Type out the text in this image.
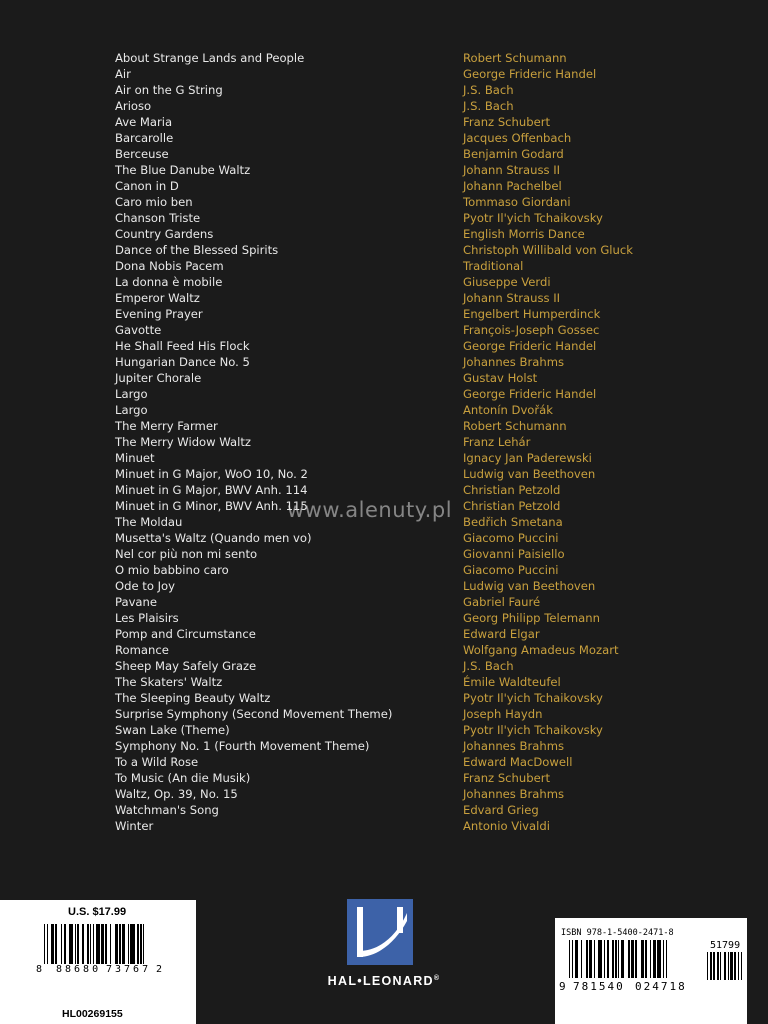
About Strange Lands and People	Robert Schumann
Air	George Frideric Handel
Air on the G String	J.S. Bach
Arioso	J.S. Bach
Ave Maria	Franz Schubert
Barcarolle	Jacques Offenbach
Berceuse	Benjamin Godard
The Blue Danube Waltz	Johann Strauss II
Canon in D	Johann Pachelbel
Caro mio ben	Tommaso Giordani
Chanson Triste	Pyotr Il'yich Tchaikovsky
Country Gardens	English Morris Dance
Dance of the Blessed Spirits	Christoph Willibald von Gluck
Dona Nobis Pacem	Traditional
La donna è mobile	Giuseppe Verdi
Emperor Waltz	Johann Strauss II
Evening Prayer	Engelbert Humperdinck
Gavotte	François-Joseph Gossec
He Shall Feed His Flock	George Frideric Handel
Hungarian Dance No. 5	Johannes Brahms
Jupiter Chorale	Gustav Holst
Largo	George Frideric Handel
Largo	Antonín Dvořák
The Merry Farmer	Robert Schumann
The Merry Widow Waltz	Franz Lehár
Minuet	Ignacy Jan Paderewski
Minuet in G Major, WoO 10, No. 2	Ludwig van Beethoven
Minuet in G Major, BWV Anh. 114	Christian Petzold
Minuet in G Minor, BWV Anh. 115	Christian Petzold
The Moldau	Bedřich Smetana
Musetta's Waltz (Quando men vo)	Giacomo Puccini
Nel cor più non mi sento	Giovanni Paisiello
O mio babbino caro	Giacomo Puccini
Ode to Joy	Ludwig van Beethoven
Pavane	Gabriel Fauré
Les Plaisirs	Georg Philipp Telemann
Pomp and Circumstance	Edward Elgar
Romance	Wolfgang Amadeus Mozart
Sheep May Safely Graze	J.S. Bach
The Skaters' Waltz	Émile Waldteufel
The Sleeping Beauty Waltz	Pyotr Il'yich Tchaikovsky
Surprise Symphony (Second Movement Theme)	Joseph Haydn
Swan Lake (Theme)	Pyotr Il'yich Tchaikovsky
Symphony No. 1 (Fourth Movement Theme)	Johannes Brahms
To a Wild Rose	Edward MacDowell
To Music (An die Musik)	Franz Schubert
Waltz, Op. 39, No. 15	Johannes Brahms
Watchman's Song	Edvard Grieg
Winter	Antonio Vivaldi
www.alenuty.pl
U.S. $17.99
8 88680 73767 2
HL00269155
HAL•LEONARD®
ISBN 978-1-5400-2471-8
51799
9 781540 024718
